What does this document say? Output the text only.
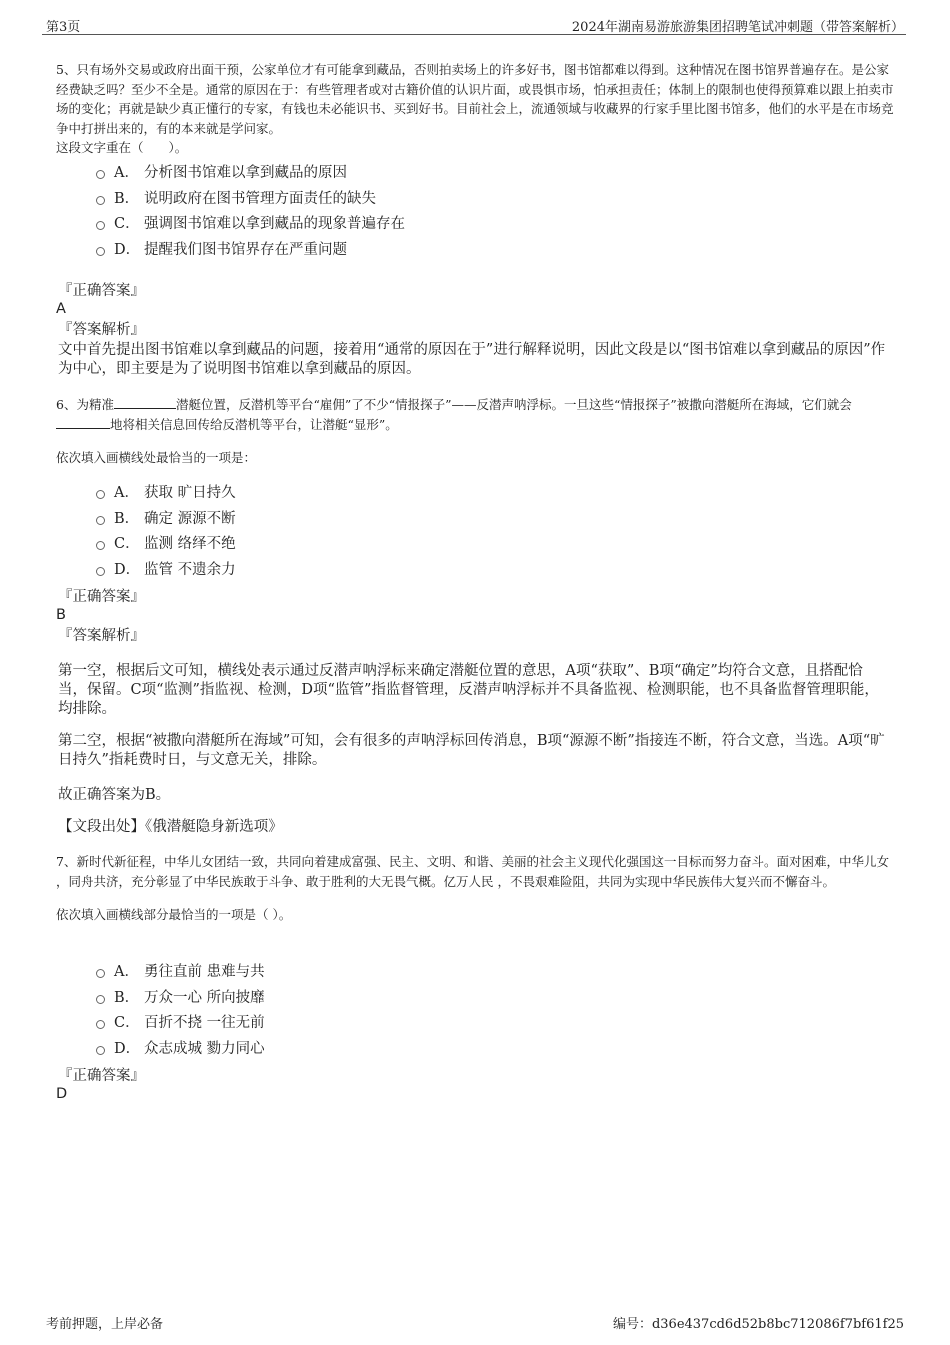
第3页	2024年湖南易游旅游集团招聘笔试冲刺题（带答案解析）

5、只有场外交易或政府出面干预，公家单位才有可能拿到藏品，否则拍卖场上的许多好书，图书馆都难以得到。这种情况在图书馆界普遍存在。是公家经费缺乏吗？至少不全是。通常的原因在于：有些管理者或对古籍价值的认识片面，或畏惧市场，怕承担责任；体制上的限制也使得预算难以跟上拍卖市场的变化；再就是缺少真正懂行的专家，有钱也未必能识书、买到好书。目前社会上，流通领域与收藏界的行家手里比图书馆多，他们的水平是在市场竞争中打拼出来的，有的本来就是学问家。

这段文字重在（　　）。

A． 分析图书馆难以拿到藏品的原因
B． 说明政府在图书管理方面责任的缺失
C． 强调图书馆难以拿到藏品的现象普遍存在
D． 提醒我们图书馆界存在严重问题
『正确答案』
A
『答案解析』

文中首先提出图书馆难以拿到藏品的问题，接着用“通常的原因在于”进行解释说明，因此文段是以“图书馆难以拿到藏品的原因”作为中心，即主要是为了说明图书馆难以拿到藏品的原因。

6、为精准	潜艇位置，反潜机等平台“雇佣”了不少“情报探子”——反潜声呐浮标。一旦这些“情报探子”被撒向潜艇所在海域，它们就会地将相关信息回传给反潜机等平台，让潜艇“显形”。

依次填入画横线处最恰当的一项是：

A． 获取 旷日持久
B． 确定 源源不断
C． 监测 络绎不绝
D． 监管 不遗余力
『正确答案』
B
『答案解析』

第一空，根据后文可知，横线处表示通过反潜声呐浮标来确定潜艇位置的意思，A项“获取”、B项“确定”均符合文意，且搭配恰当，保留。C项“监测”指监视、检测，D项“监管”指监督管理，反潜声呐浮标并不具备监视、检测职能，也不具备监督管理职能，均排除。

第二空，根据“被撒向潜艇所在海域”可知，会有很多的声呐浮标回传消息，B项“源源不断”指接连不断，符合文意，当选。A项“旷日持久”指耗费时日，与文意无关，排除。

故正确答案为B。
【文段出处】《俄潜艇隐身新选项》

7、新时代新征程，中华儿女团结一致，共同向着建成富强、民主、文明、和谐、美丽的社会主义现代化强国这一目标而努力奋斗。面对困难，中华儿女 ，同舟共济，充分彰显了中华民族敢于斗争、敢于胜利的大无畏气概。亿万人民 ，不畏艰难险阻，共同为实现中华民族伟大复兴而不懈奋斗。

依次填入画横线部分最恰当的一项是（ ）。

A． 勇往直前 患难与共
B． 万众一心 所向披靡
C． 百折不挠 一往无前
D． 众志成城 勠力同心
『正确答案』
D
考前押题，上岸必备	编号：d36e437cd6d52b8bc712086f7bf61f25
